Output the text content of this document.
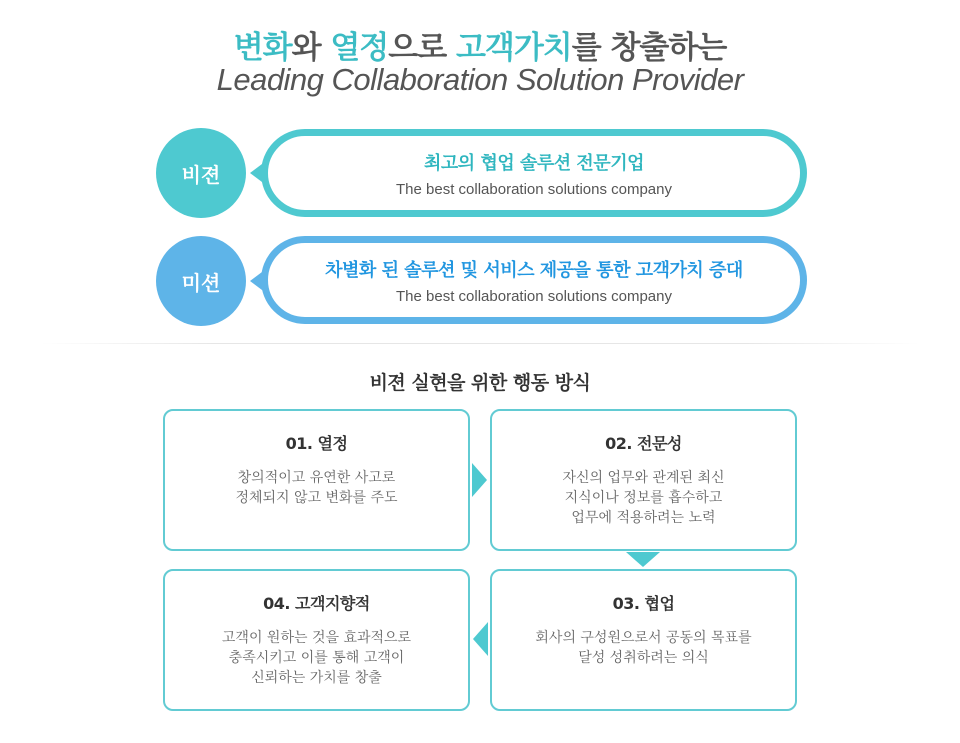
변화와 열정으로 고객가치를 창출하는
Leading Collaboration Solution Provider
비젼	최고의 협업 솔루션 전문기업
The best collaboration solutions company
미션
차별화 된 솔루션 및 서비스 제공을 통한 고객가치 증대
The best collaboration solutions company
비젼 실현을 위한 행동 방식
01. 열정
창의적이고 유연한 사고로
정체되지 않고 변화를 주도
02. 전문성
자신의 업무와 관계된 최신
지식이나 정보를 흡수하고
업무에 적용하려는 노력
04. 고객지향적
고객이 원하는 것을 효과적으로
충족시키고 이를 통해 고객이
신뢰하는 가치를 창출
03. 협업
회사의 구성원으로서 공동의 목표를
달성 성취하려는 의식
